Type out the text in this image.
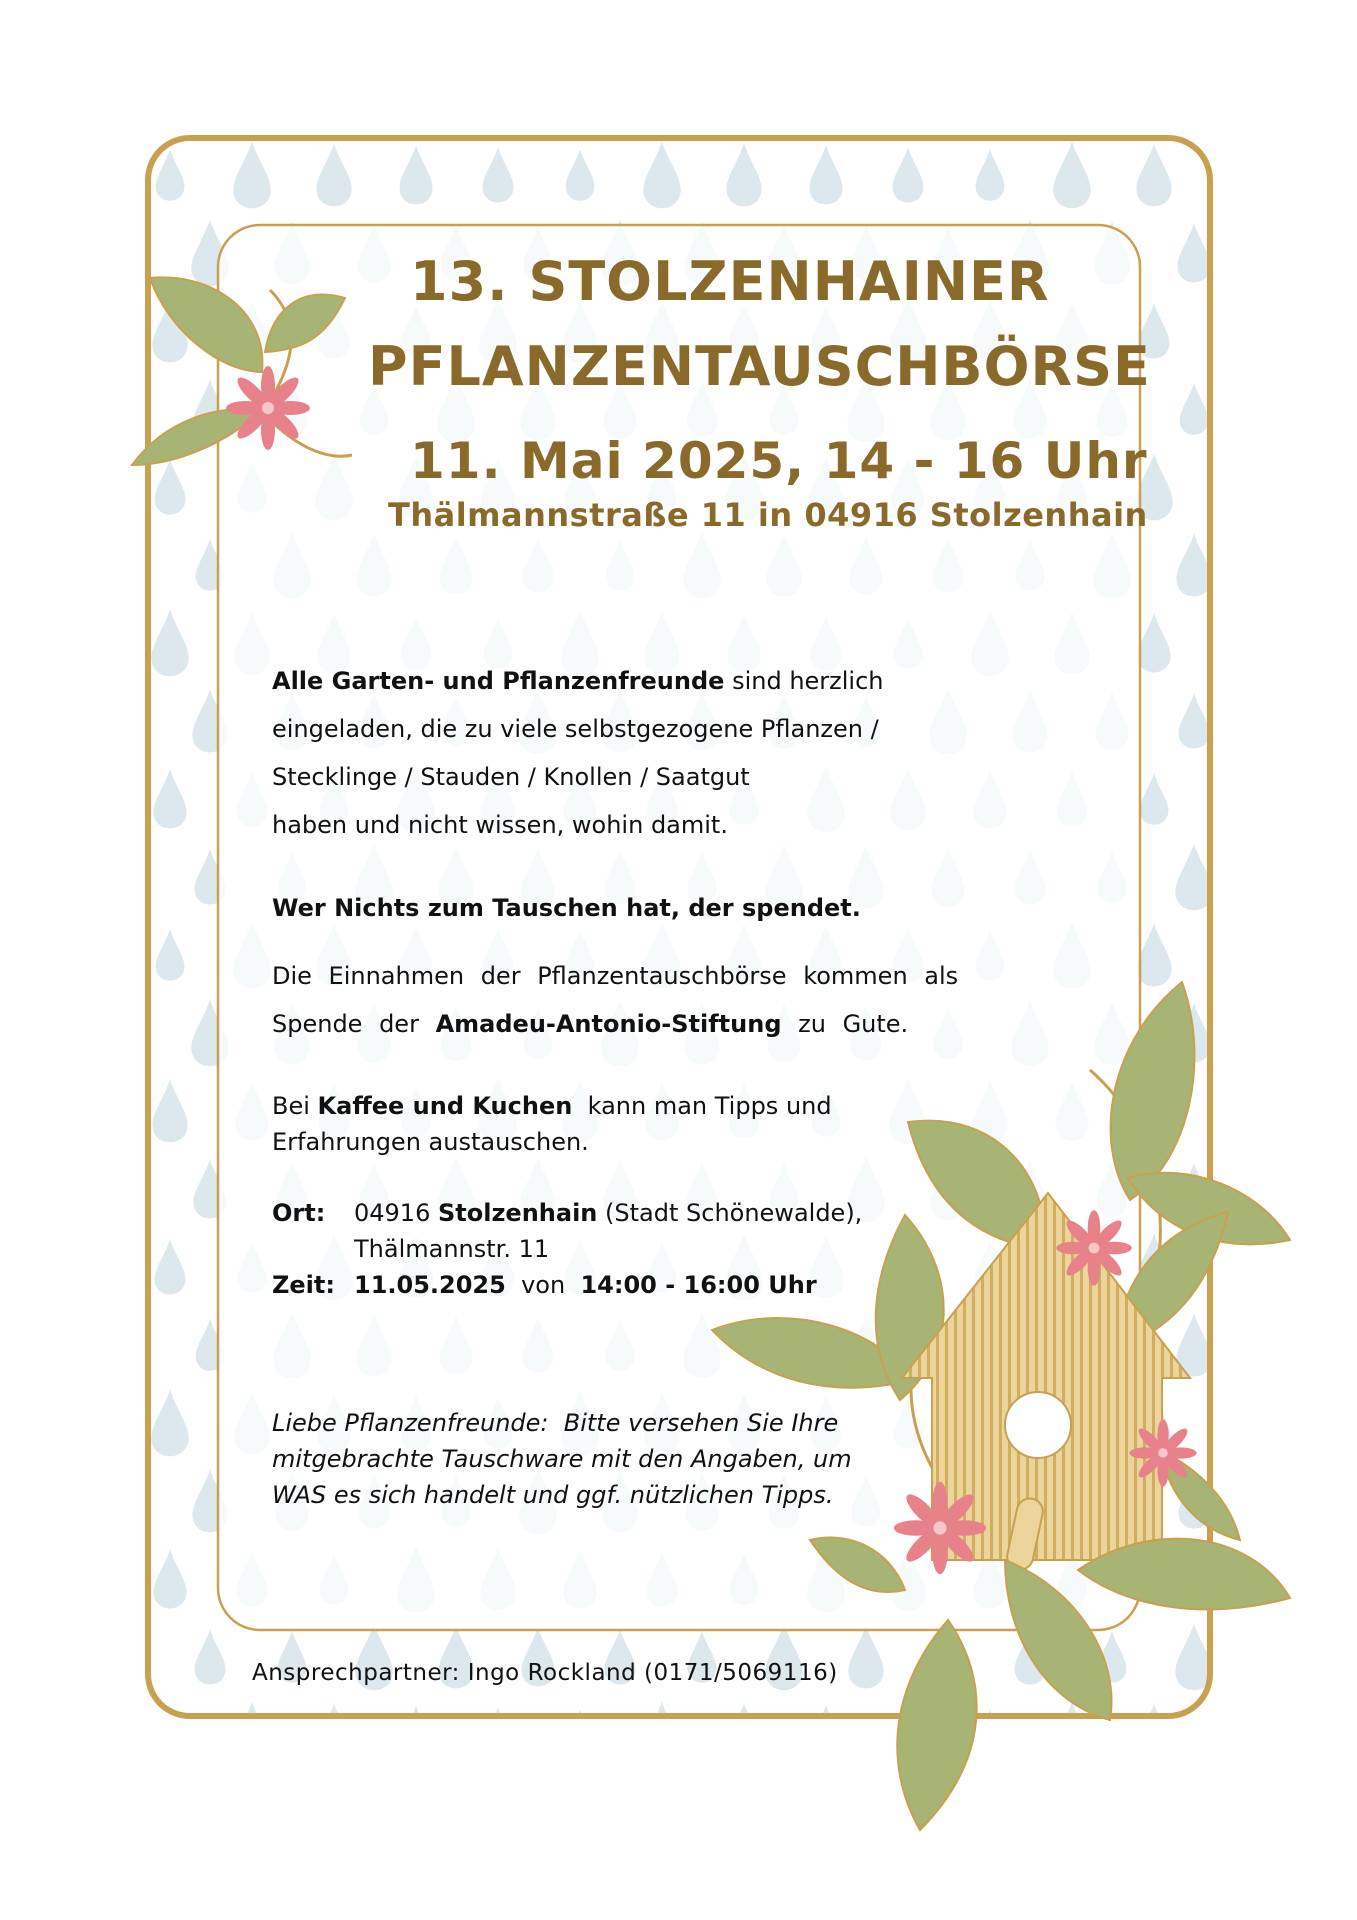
13. STOLZENHAINER
PFLANZENTAUSCHBÖRSE
11. Mai 2025, 14 - 16 Uhr
Thälmannstraße 11 in 04916 Stolzenhain
Alle Garten- und Pflanzenfreunde sind herzlich
eingeladen, die zu viele selbstgezogene Pflanzen /
Stecklinge / Stauden / Knollen / Saatgut
haben und nicht wissen, wohin damit.
Wer Nichts zum Tauschen hat, der spendet.
Die Einnahmen der Pflanzentauschbörse kommen als
Spende der Amadeu-Antonio-Stiftung zu Gute.
Bei Kaffee und Kuchen  kann man Tipps und
Erfahrungen austauschen.
Ort: 04916 Stolzenhain (Stadt Schönewalde),
Thälmannstr. 11
Zeit: 11.05.2025  von  14:00 - 16:00 Uhr
Liebe Pflanzenfreunde:  Bitte versehen Sie Ihre
mitgebrachte Tauschware mit den Angaben, um
WAS es sich handelt und ggf. nützlichen Tipps.
Ansprechpartner: Ingo Rockland (0171/5069116)
